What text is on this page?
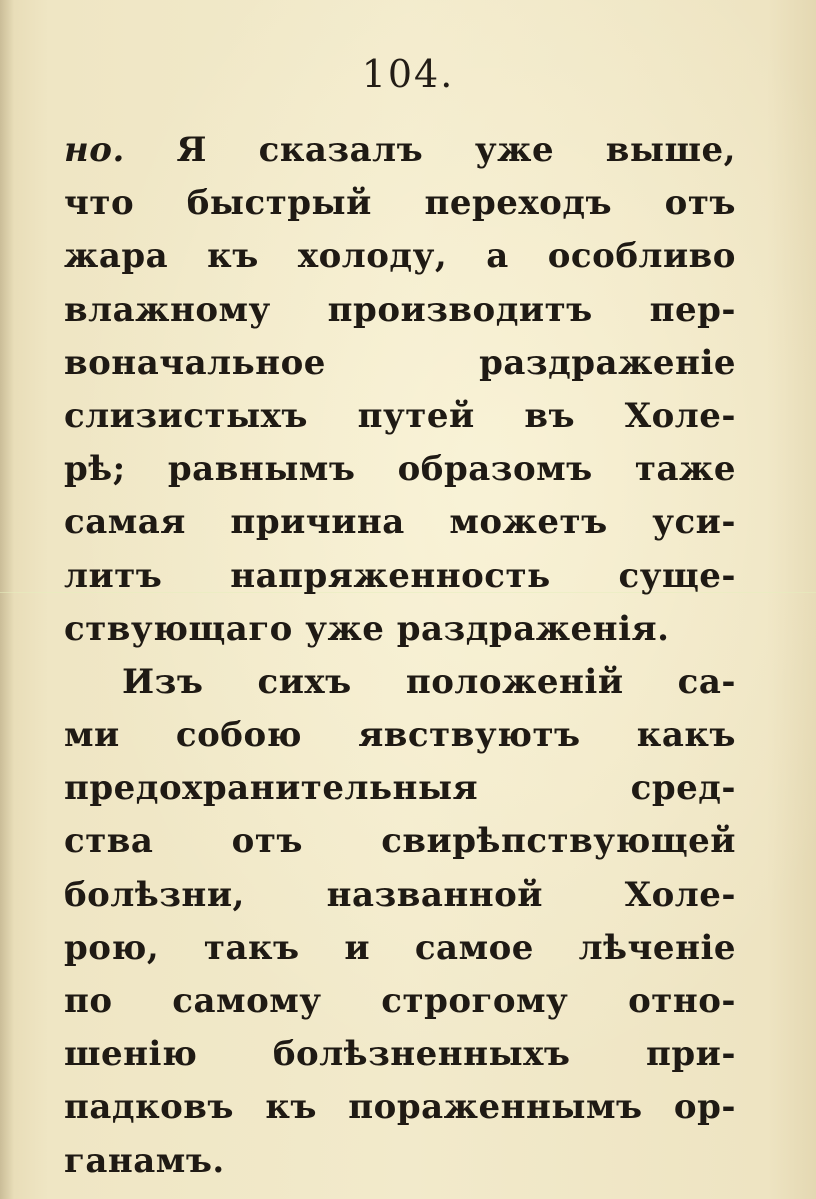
104.
но. Я сказалъ уже выше,
что быстрый переходъ отъ
жара къ холоду, а особливо
влажному производитъ пер-
воначальное раздраженіе
слизистыхъ путей въ Холе-
рѣ; равнымъ образомъ таже
самая причина можетъ уси-
литъ напряженность суще-
ствующаго уже раздраженія.
Изъ сихъ положеній са-
ми собою явствуютъ какъ
предохранительныя сред-
ства отъ свирѣпствующей
болѣзни, названной Холе-
рою, такъ и самое лѣченіе
по самому строгому отно-
шенію болѣзненныхъ при-
падковъ къ пораженнымъ ор-
ганамъ.
